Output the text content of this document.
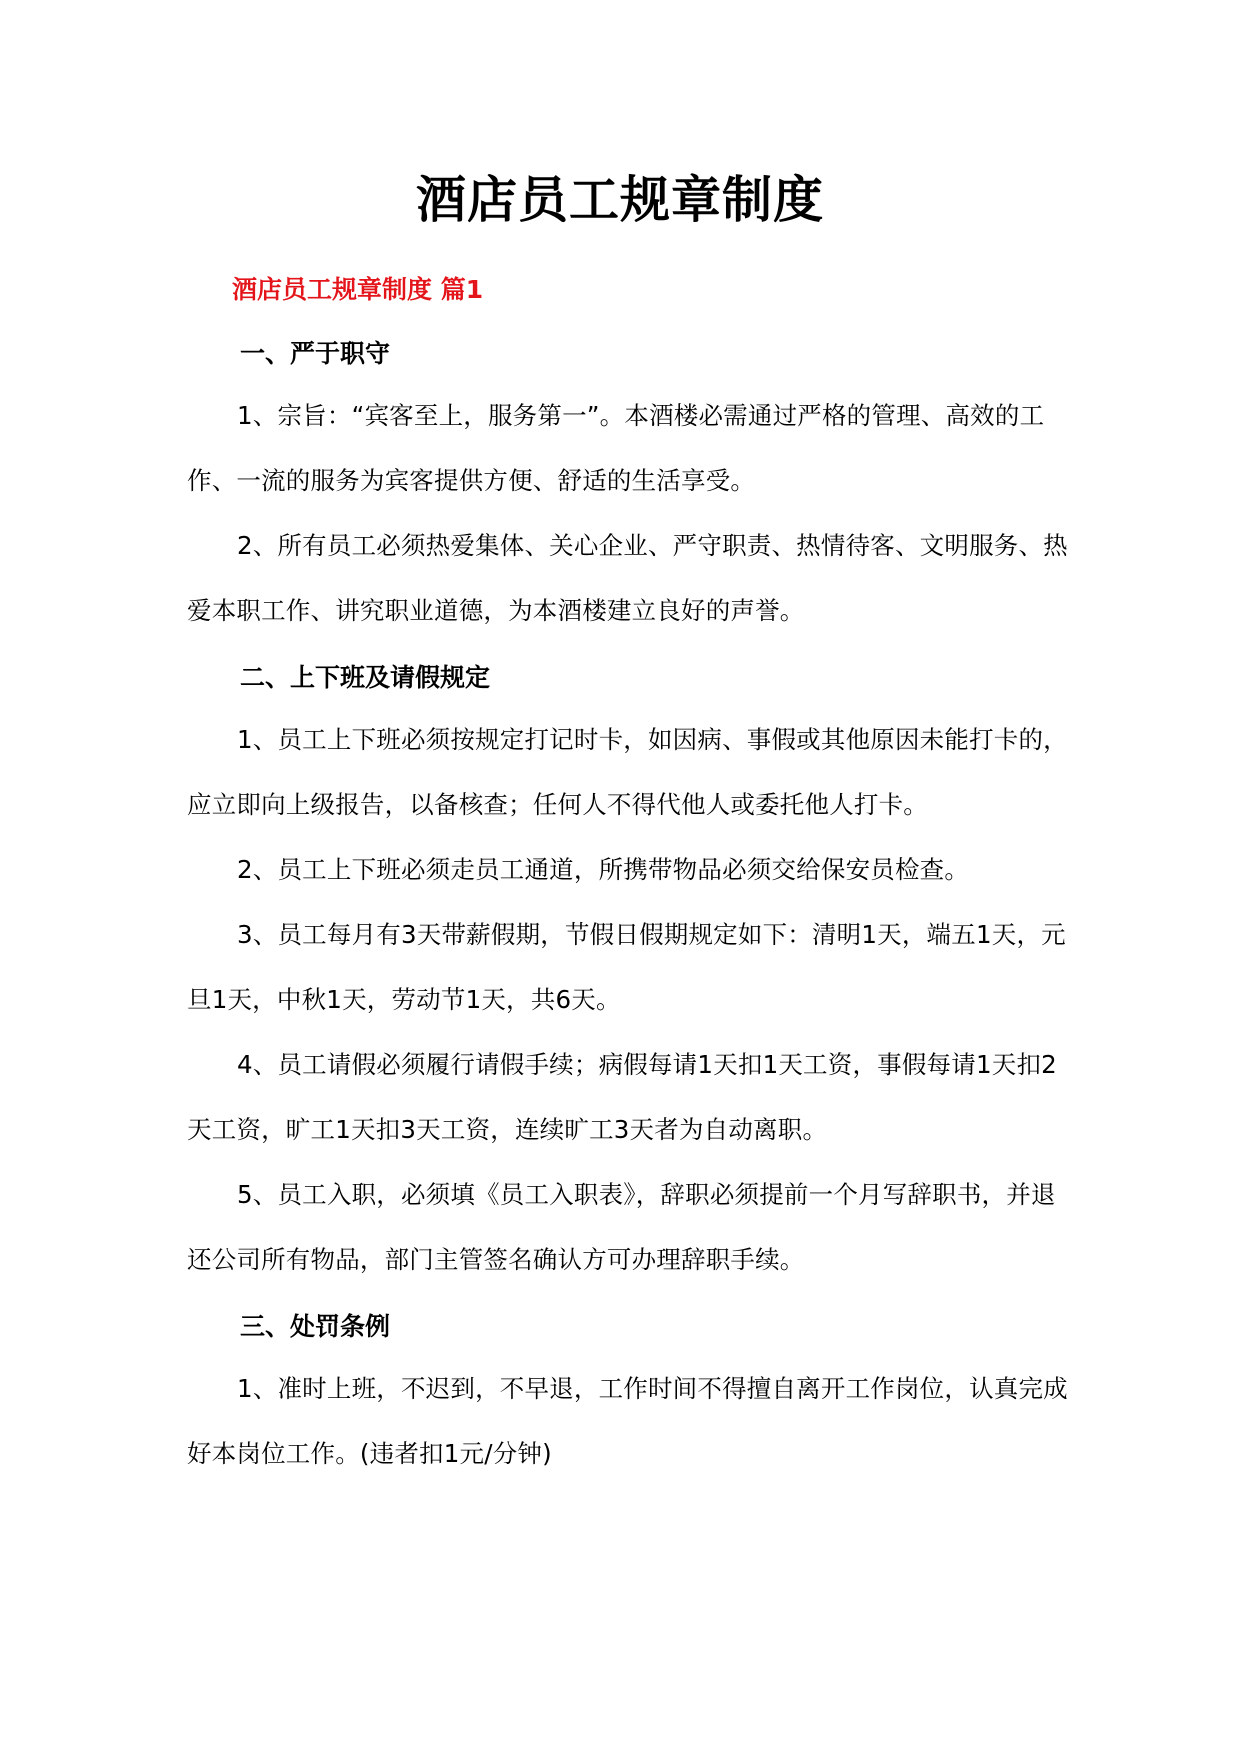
酒店员工规章制度
酒店员工规章制度 篇1
一、严于职守

1、宗旨：“宾客至上，服务第一”。本酒楼必需通过严格的管理、高效的工作、一流的服务为宾客提供方便、舒适的生活享受。

2、所有员工必须热爱集体、关心企业、严守职责、热情待客、文明服务、热爱本职工作、讲究职业道德，为本酒楼建立良好的声誉。

二、上下班及请假规定

1、员工上下班必须按规定打记时卡，如因病、事假或其他原因未能打卡的，应立即向上级报告，以备核查；任何人不得代他人或委托他人打卡。

2、员工上下班必须走员工通道，所携带物品必须交给保安员检查。

3、员工每月有3天带薪假期，节假日假期规定如下：清明1天，端五1天，元旦1天，中秋1天，劳动节1天，共6天。

4、员工请假必须履行请假手续；病假每请1天扣1天工资，事假每请1天扣2天工资，旷工1天扣3天工资，连续旷工3天者为自动离职。

5、员工入职，必须填《员工入职表》，辞职必须提前一个月写辞职书，并退还公司所有物品，部门主管签名确认方可办理辞职手续。

三、处罚条例

1、准时上班，不迟到，不早退，工作时间不得擅自离开工作岗位，认真完成好本岗位工作。(违者扣1元/分钟)
